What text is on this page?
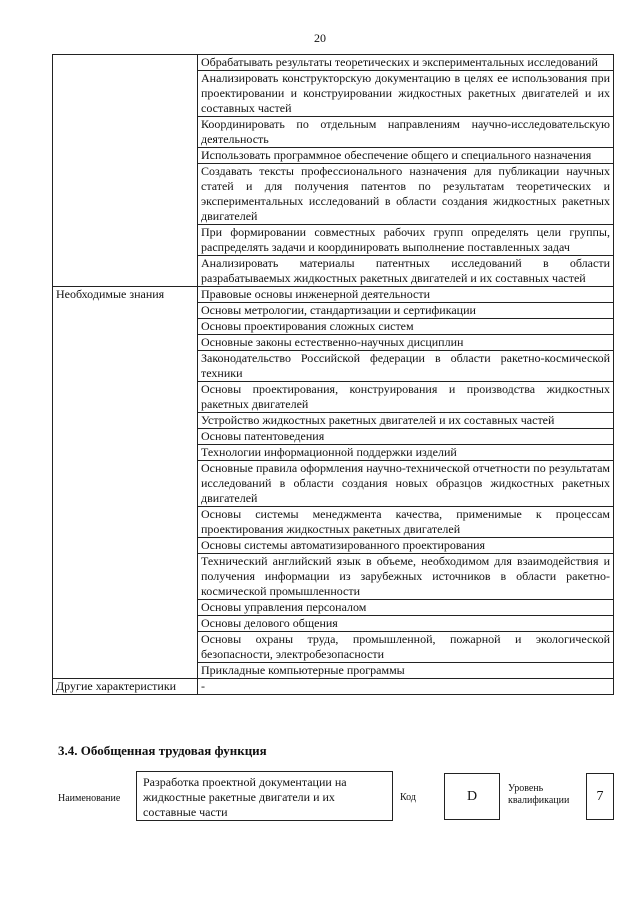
20
	Обрабатывать результаты теоретических и экспериментальных исследований
	Анализировать конструкторскую документацию в целях ее использования при проектировании и конструировании жидкостных ракетных двигателей и их составных частей
	Координировать по отдельным направлениям научно-исследовательскую деятельность
	Использовать программное обеспечение общего и специального назначения
	Создавать тексты профессионального назначения для публикации научных статей и для получения патентов по результатам теоретических и экспериментальных исследований в области создания жидкостных ракетных двигателей
	При формировании совместных рабочих групп определять цели группы, распределять задачи и координировать выполнение поставленных задач
	Анализировать материалы патентных исследований в области разрабатываемых жидкостных ракетных двигателей и их составных частей
Необходимые знания	Правовые основы инженерной деятельности
	Основы метрологии, стандартизации и сертификации
	Основы проектирования сложных систем
	Основные законы естественно-научных дисциплин
	Законодательство Российской федерации в области ракетно-космической техники
	Основы проектирования, конструирования и производства жидкостных ракетных двигателей
	Устройство жидкостных ракетных двигателей и их составных частей
	Основы патентоведения
	Технологии информационной поддержки изделий
	Основные правила оформления научно-технической отчетности по результатам исследований в области создания новых образцов жидкостных ракетных двигателей
	Основы системы менеджмента качества, применимые к процессам проектирования жидкостных ракетных двигателей
	Основы системы автоматизированного проектирования
	Технический английский язык в объеме, необходимом для взаимодействия и получения информации из зарубежных источников в области ракетно-космической промышленности
	Основы управления персоналом
	Основы делового общения
	Основы охраны труда, промышленной, пожарной и экологической безопасности, электробезопасности
	Прикладные компьютерные программы
Другие характеристики	-
3.4. Обобщенная трудовая функция
Наименование
Разработка проектной документации на жидкостные ракетные двигатели и их составные части
Код	D	Уровень квалификации	7
